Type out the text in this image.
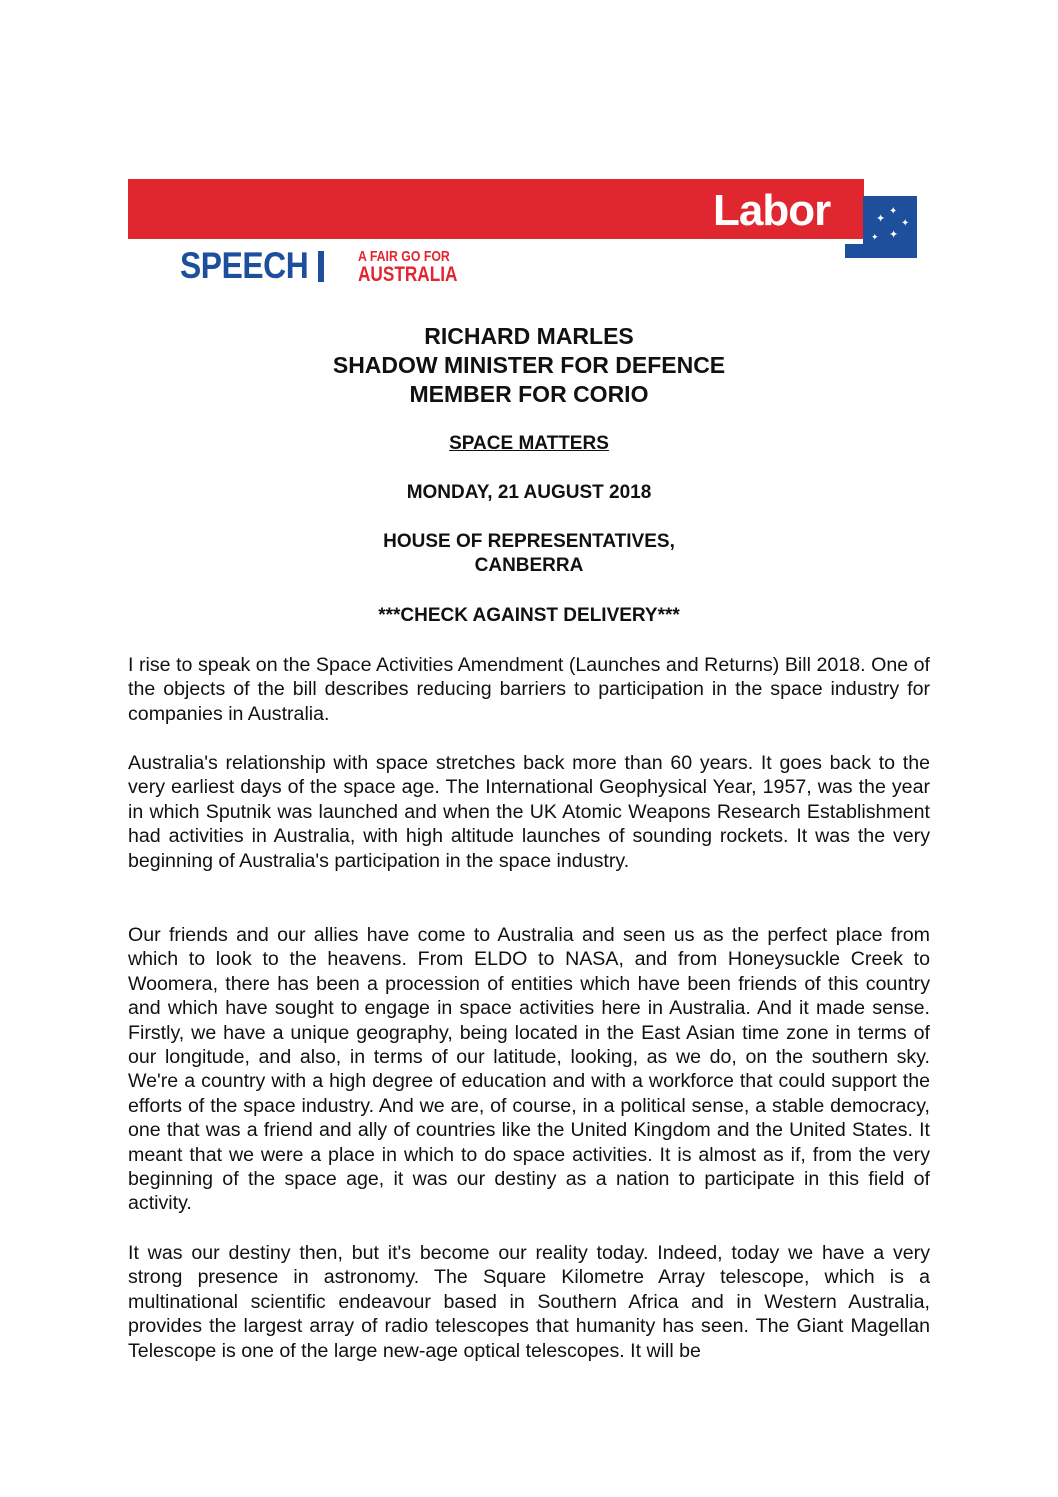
Labor	✦
✦
✦
✦
✦
SPEECH	A FAIR GO FOR
AUSTRALIA
RICHARD MARLES
SHADOW MINISTER FOR DEFENCE
MEMBER FOR CORIO
SPACE MATTERS
MONDAY, 21 AUGUST 2018
HOUSE OF REPRESENTATIVES,
CANBERRA
***CHECK AGAINST DELIVERY***

I rise to speak on the Space Activities Amendment (Launches and Returns) Bill 2018. One of the objects of the bill describes reducing barriers to participation in the space industry for companies in Australia.

Australia's relationship with space stretches back more than 60 years. It goes back to the very earliest days of the space age. The International Geophysical Year, 1957, was the year in which Sputnik was launched and when the UK Atomic Weapons Research Establishment had activities in Australia, with high altitude launches of sounding rockets. It was the very beginning of Australia's participation in the space industry.

Our friends and our allies have come to Australia and seen us as the perfect place from which to look to the heavens. From ELDO to NASA, and from Honeysuckle Creek to Woomera, there has been a procession of entities which have been friends of this country and which have sought to engage in space activities here in Australia. And it made sense. Firstly, we have a unique geography, being located in the East Asian time zone in terms of our longitude, and also, in terms of our latitude, looking, as we do, on the southern sky. We're a country with a high degree of education and with a workforce that could support the efforts of the space industry. And we are, of course, in a political sense, a stable democracy, one that was a friend and ally of countries like the United Kingdom and the United States. It meant that we were a place in which to do space activities. It is almost as if, from the very beginning of the space age, it was our destiny as a nation to participate in this field of activity.

It was our destiny then, but it's become our reality today. Indeed, today we have a very strong presence in astronomy. The Square Kilometre Array telescope, which is a multinational scientific endeavour based in Southern Africa and in Western Australia, provides the largest array of radio telescopes that humanity has seen. The Giant Magellan Telescope is one of the large new-age optical telescopes. It will be
